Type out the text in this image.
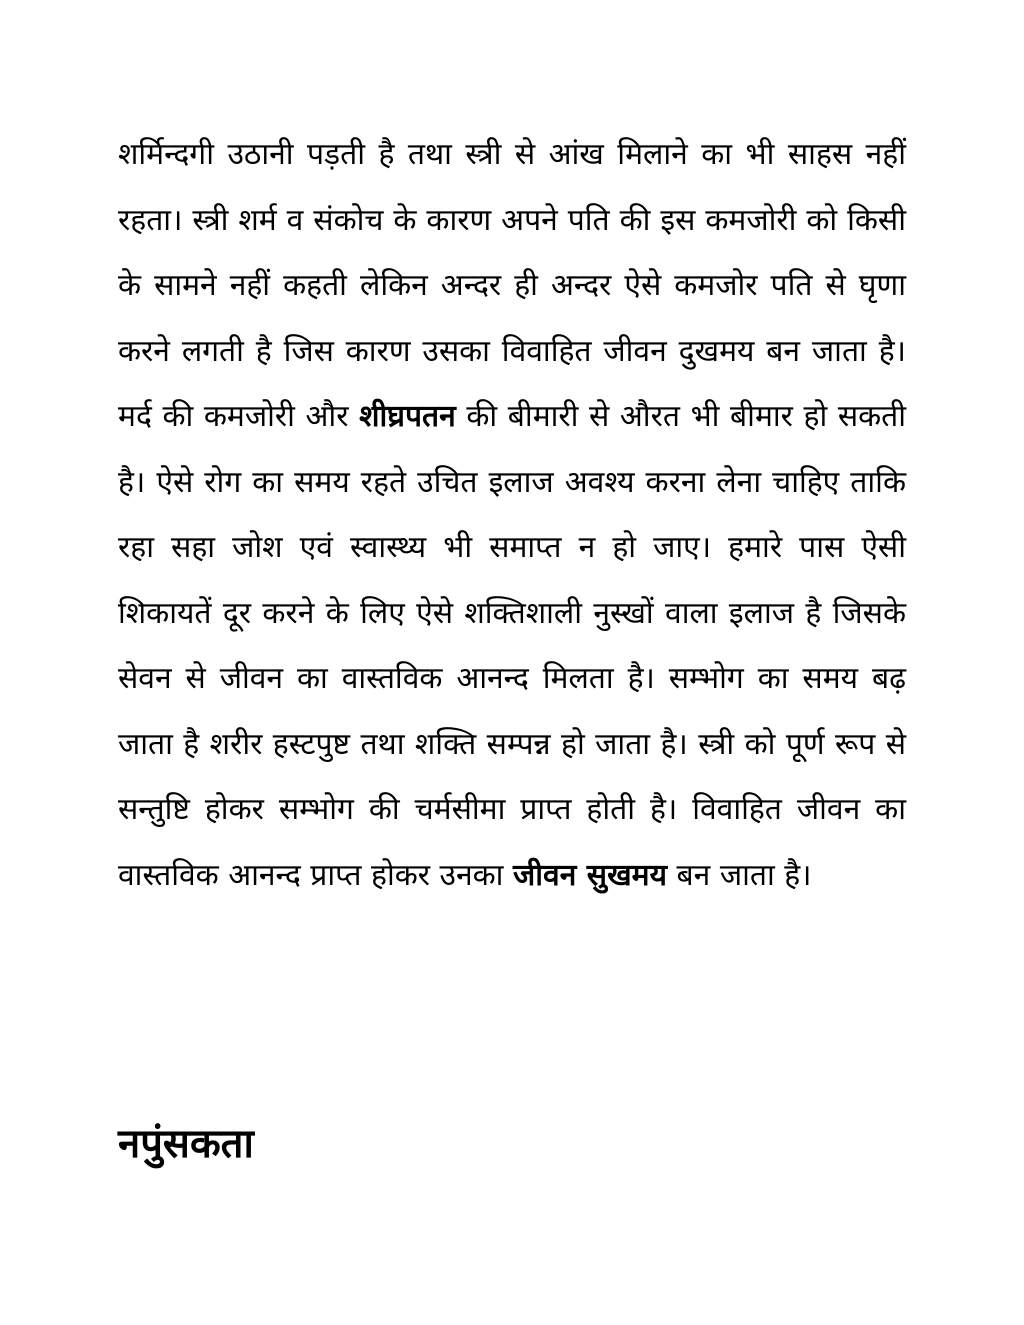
शर्मिन्दगी उठानी पड़ती है तथा स्त्री से आंख मिलाने का भी साहस नहीं रहता। स्त्री शर्म व संकोच के कारण अपने पति की इस कमजोरी को किसी के सामने नहीं कहती लेकिन अन्दर ही अन्दर ऐसे कमजोर पति से घृणा करने लगती है जिस कारण उसका विवाहित जीवन दुखमय बन जाता है। मर्द की कमजोरी और शीघ्रपतन की बीमारी से औरत भी बीमार हो सकती है। ऐसे रोग का समय रहते उचित इलाज अवश्य करना लेना चाहिए ताकि रहा सहा जोश एवं स्वास्थ्य भी समाप्त न हो जाए। हमारे पास ऐसी शिकायतें दूर करने के लिए ऐसे शक्तिशाली नुस्खों वाला इलाज है जिसके सेवन से जीवन का वास्तविक आनन्द मिलता है। सम्भोग का समय बढ़ जाता है शरीर हस्टपुष्ट तथा शक्ति सम्पन्न हो जाता है। स्त्री को पूर्ण रूप से सन्तुष्टि होकर सम्भोग की चर्मसीमा प्राप्त होती है। विवाहित जीवन का वास्तविक आनन्द प्राप्त होकर उनका जीवन सुखमय बन जाता है।

नपुंसकता
